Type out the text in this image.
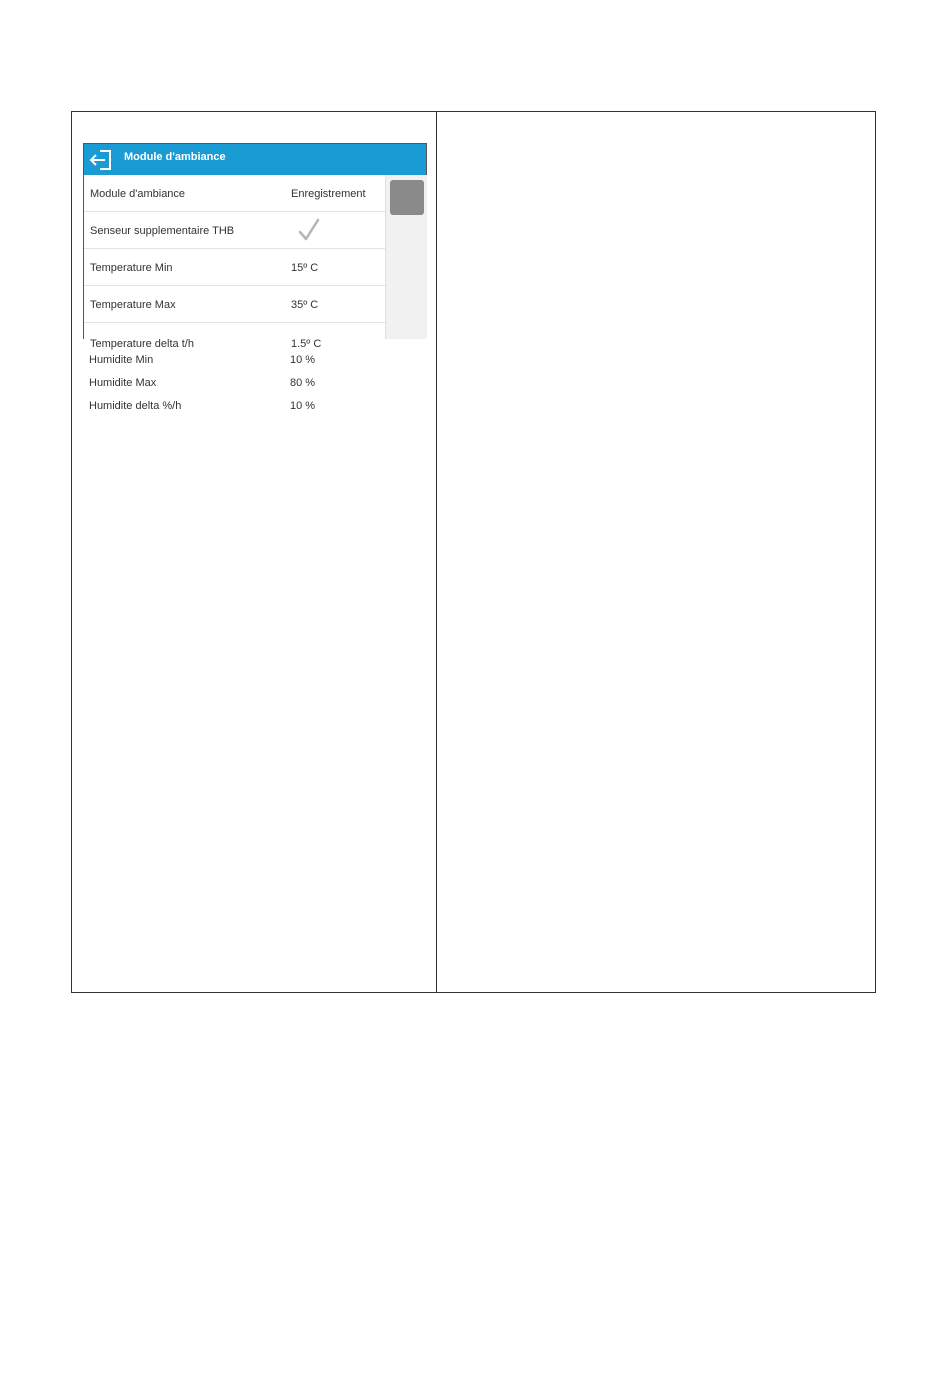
Module d'ambiance
Module d'ambiance	Enregistrement
Senseur supplementaire THB
Temperature Min	15º C
Temperature Max	35º C
Temperature delta t/h	1.5º C
Humidite Min	10 %
Humidite Max	80 %
Humidite delta %/h	10 %
